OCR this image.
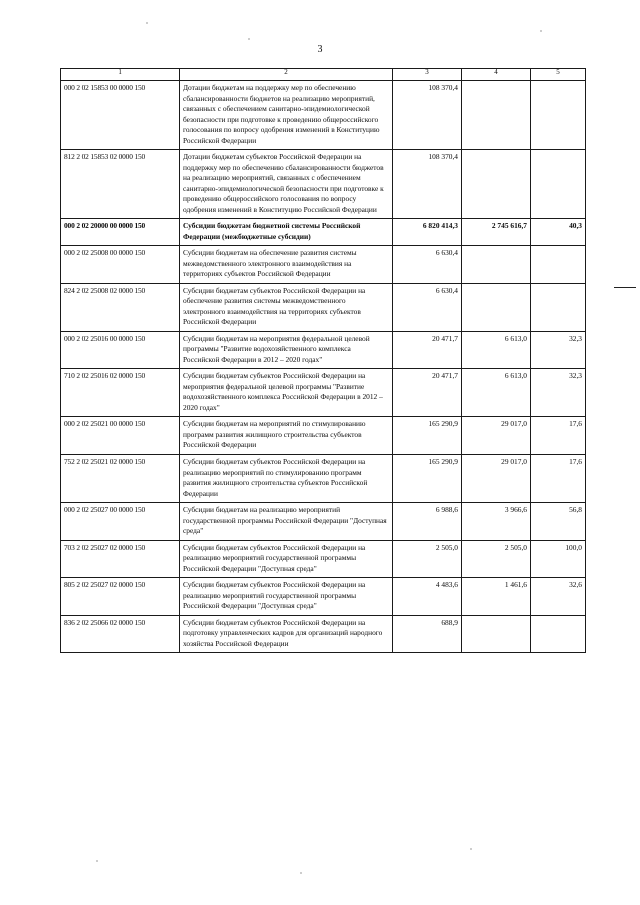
3
1	2	3	4	5
000 2 02 15853 00 0000 150	Дотации бюджетам на поддержку мер по обеспечению сбалансированности бюджетов на реализацию мероприятий, связанных с обеспечением санитарно-эпидемиологической безопасности при подготовке к проведению общероссийского голосования по вопросу одобрения изменений в Конституцию Российской Федерации	108 370,4		
812 2 02 15853 02 0000 150	Дотации бюджетам субъектов Российской Федерации на поддержку мер по обеспечению сбалансированности бюджетов на реализацию мероприятий, связанных с обеспечением санитарно-эпидемиологической безопасности при подготовке к проведению общероссийского голосования по вопросу одобрения изменений в Конституцию Российской Федерации	108 370,4		
000 2 02 20000 00 0000 150	Субсидии бюджетам бюджетной системы Российской Федерации (межбюджетные субсидии)	6 820 414,3	2 745 616,7	40,3
000 2 02 25008 00 0000 150	Субсидии бюджетам на обеспечение развития системы межведомственного электронного взаимодействия на территориях субъектов Российской Федерации	6 630,4		
824 2 02 25008 02 0000 150	Субсидии бюджетам субъектов Российской Федерации на обеспечение развития системы межведомственного электронного взаимодействия на территориях субъектов Российской Федерации	6 630,4		
000 2 02 25016 00 0000 150	Субсидии бюджетам на мероприятия федеральной целевой программы "Развитие водохозяйственного комплекса Российской Федерации в 2012 – 2020 годах"	20 471,7	6 613,0	32,3
710 2 02 25016 02 0000 150	Субсидии бюджетам субъектов Российской Федерации на мероприятия федеральной целевой программы "Развитие водохозяйственного комплекса Российской Федерации в 2012 – 2020 годах"	20 471,7	6 613,0	32,3
000 2 02 25021 00 0000 150	Субсидии бюджетам на мероприятий по стимулированию программ развития жилищного строительства субъектов Российской Федерации	165 290,9	29 017,0	17,6
752 2 02 25021 02 0000 150	Субсидии бюджетам субъектов Российской Федерации на реализацию мероприятий по стимулированию программ развития жилищного строительства субъектов Российской Федерации	165 290,9	29 017,0	17,6
000 2 02 25027 00 0000 150	Субсидии бюджетам на реализацию мероприятий государственной программы Российской Федерации "Доступная среда"	6 988,6	3 966,6	56,8
703 2 02 25027 02 0000 150	Субсидии бюджетам субъектов Российской Федерации на реализацию мероприятий государственной программы Российской Федерации "Доступная среда"	2 505,0	2 505,0	100,0
805 2 02 25027 02 0000 150	Субсидии бюджетам субъектов Российской Федерации на реализацию мероприятий государственной программы Российской Федерации "Доступная среда"	4 483,6	1 461,6	32,6
836 2 02 25066 02 0000 150	Субсидии бюджетам субъектов Российской Федерации на подготовку управленческих кадров для организаций народного хозяйства Российской Федерации	688,9		
